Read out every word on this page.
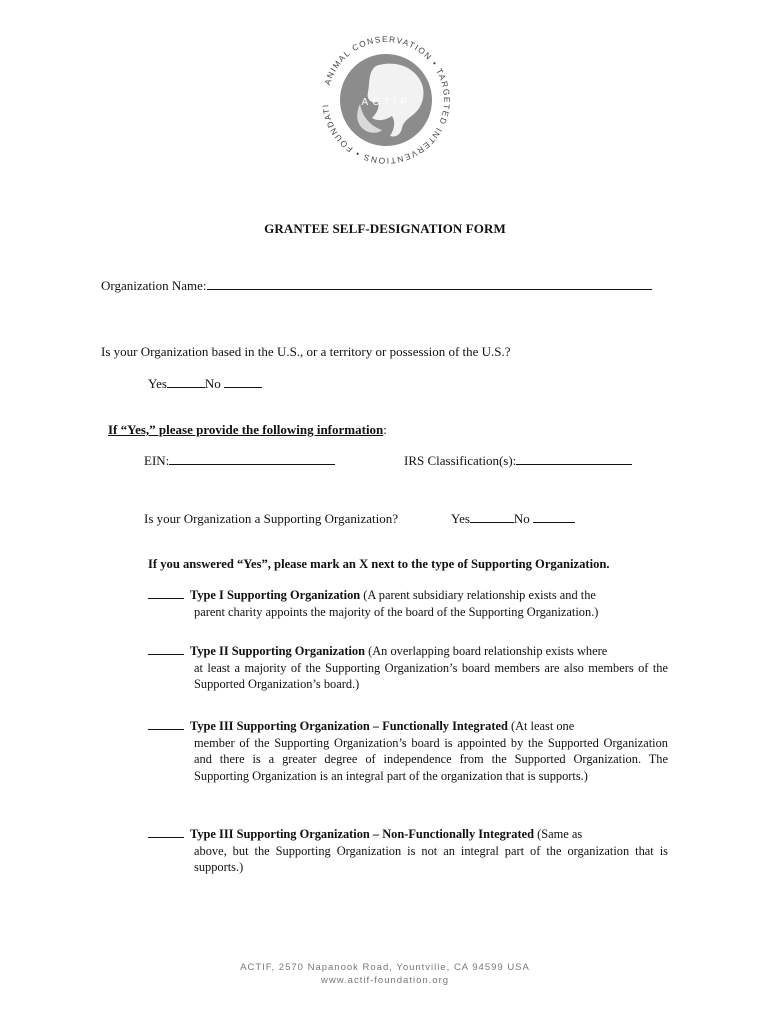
ACTIF
ANIMAL CONSERVATION • TARGETED INTERVENTIONS • FOUNDATI
GRANTEE SELF-DESIGNATION FORM
Organization Name:
Is your Organization based in the U.S., or a territory or possession of the U.S.?
Yes	No
If “Yes,” please provide the following information:
EIN:	IRS Classification(s):
Is your Organization a Supporting Organization?	Yes	No
If you answered “Yes”, please mark an X next to the type of Supporting Organization.
Type I Supporting Organization (A parent subsidiary relationship exists and the
parent charity appoints the majority of the board of the Supporting Organization.)
Type II Supporting Organization (An overlapping board relationship exists where
at least a majority of the Supporting Organization’s board members are also members of the Supported Organization’s board.)
Type III Supporting Organization – Functionally Integrated (At least one
member of the Supporting Organization’s board is appointed by the Supported Organization and there is a greater degree of independence from the Supported Organization. The Supporting Organization is an integral part of the organization that is supports.)
Type III Supporting Organization – Non-Functionally Integrated (Same as
above, but the Supporting Organization is not an integral part of the organization that is supports.)
ACTIF, 2570 Napanook Road, Yountville, CA 94599 USA
www.actif-foundation.org
